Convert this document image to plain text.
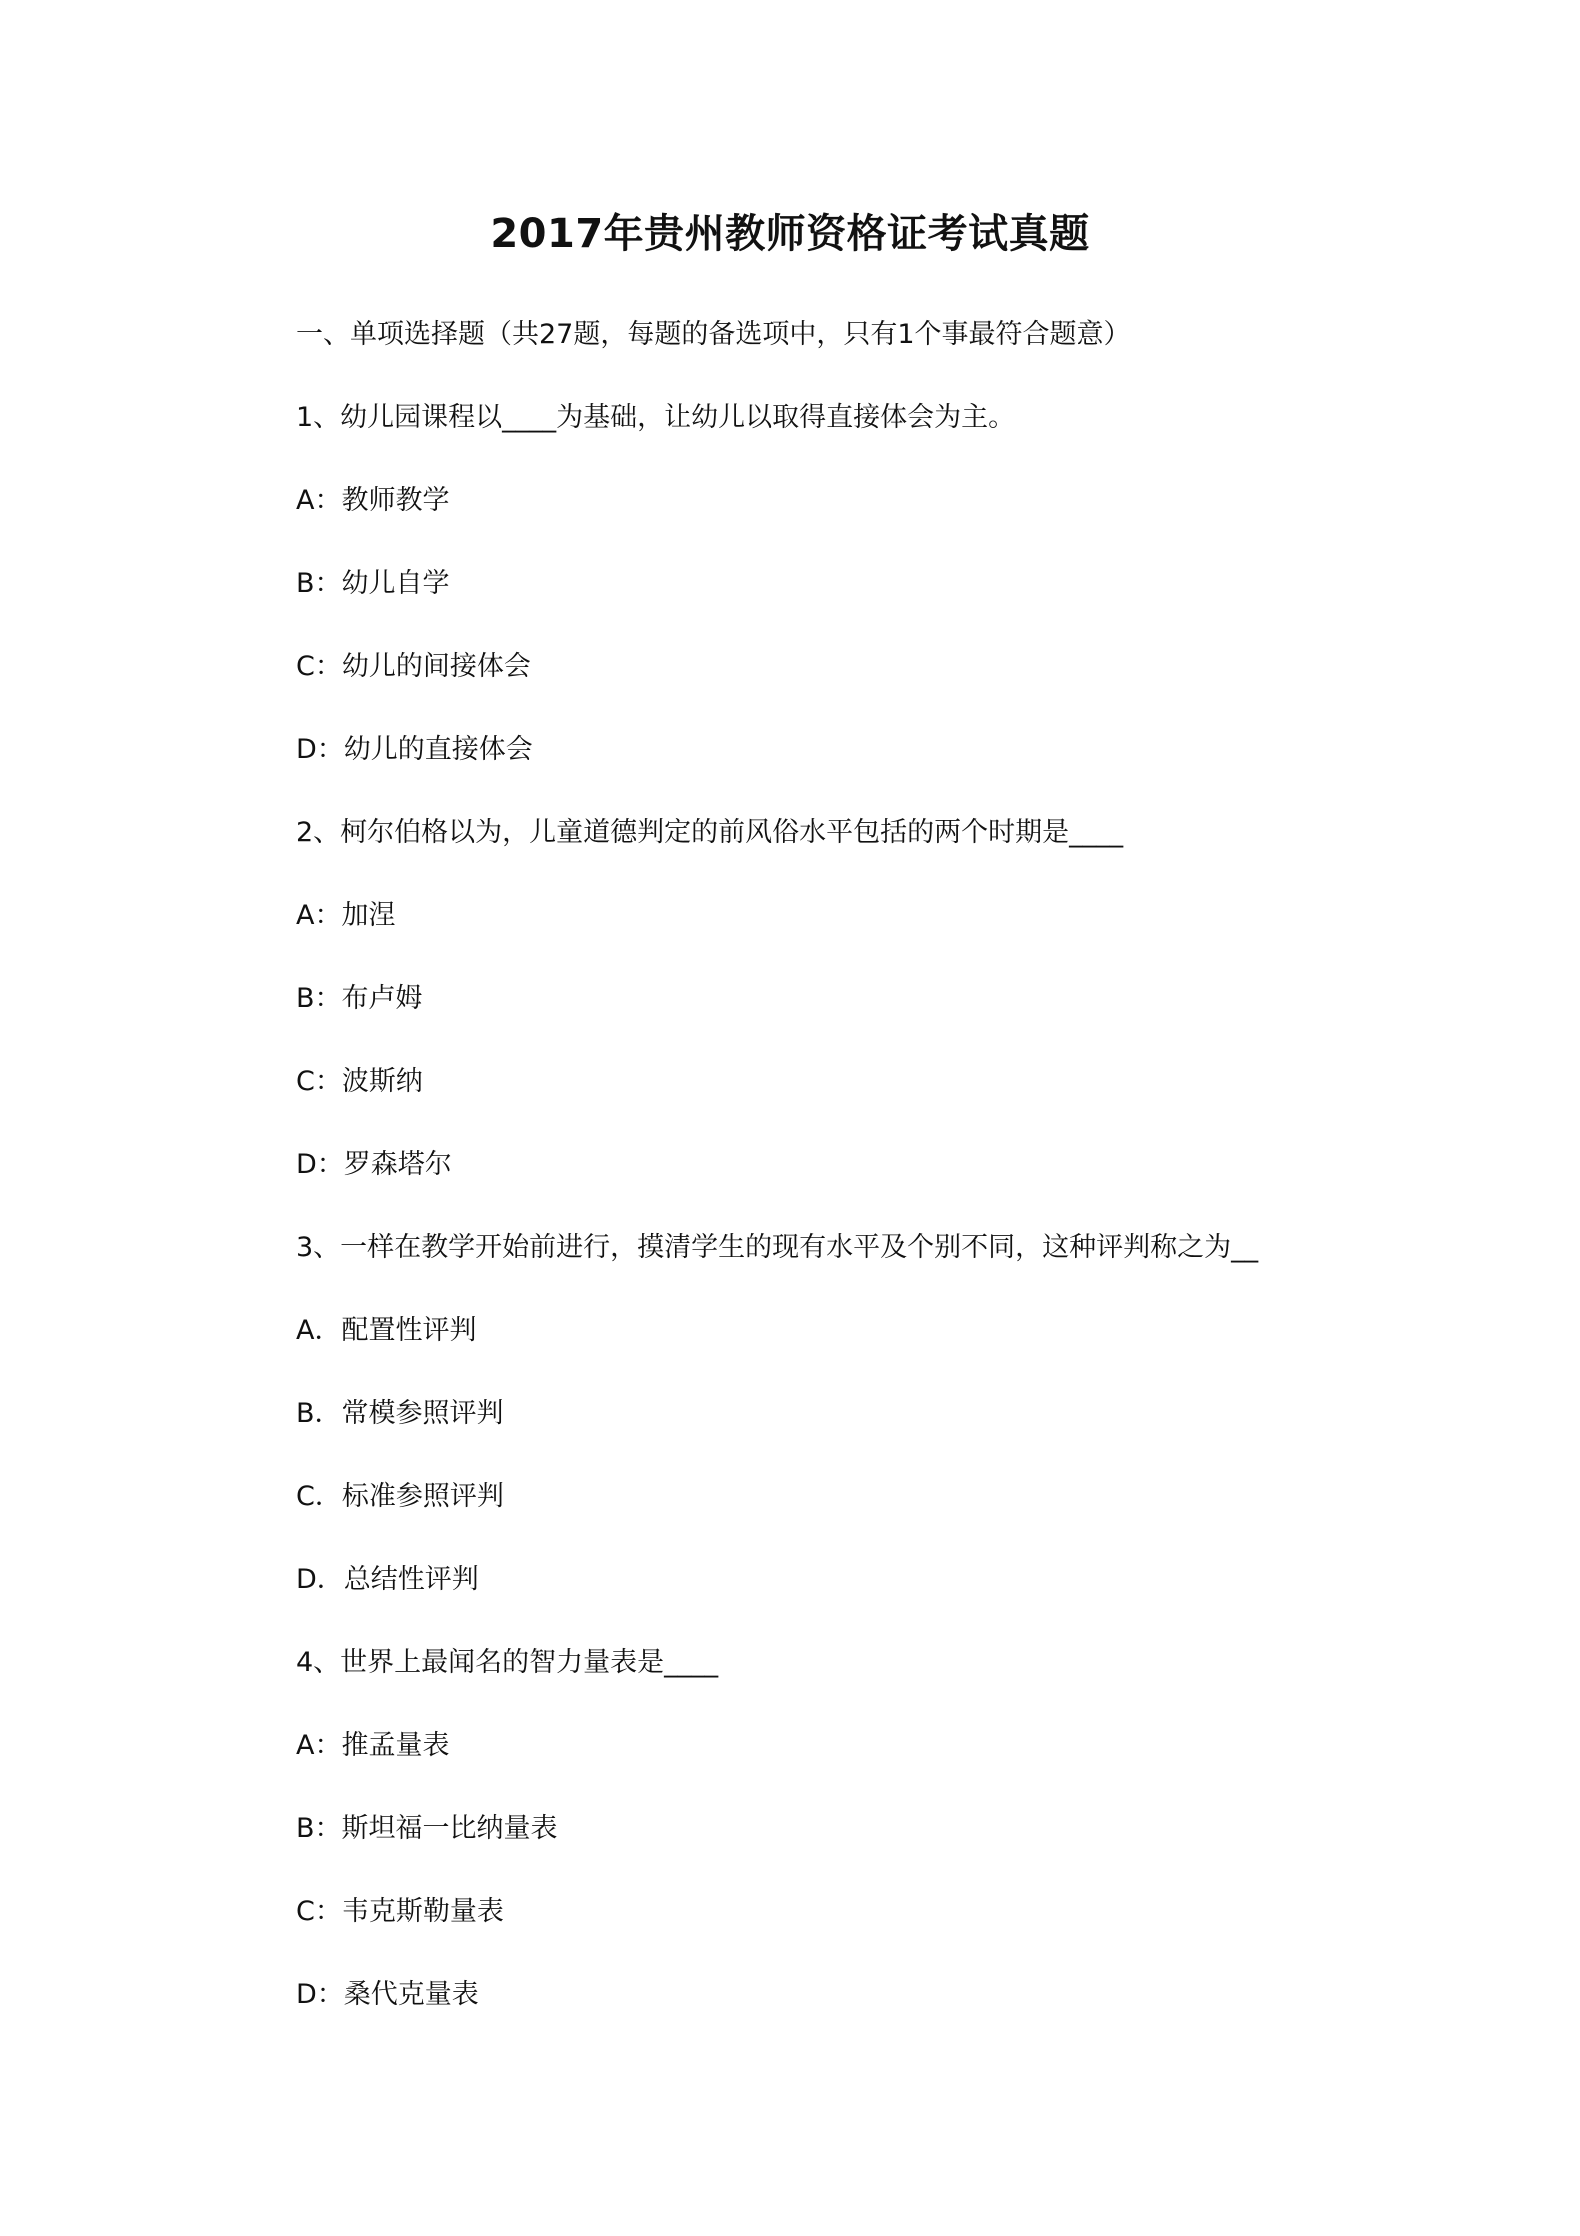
2017年贵州教师资格证考试真题
一、单项选择题（共27题，每题的备选项中，只有1个事最符合题意）
1、幼儿园课程以____为基础，让幼儿以取得直接体会为主。
A：教师教学
B：幼儿自学
C：幼儿的间接体会
D：幼儿的直接体会
2、柯尔伯格以为，儿童道德判定的前风俗水平包括的两个时期是____
A：加涅
B：布卢姆
C：波斯纳
D：罗森塔尔
3、一样在教学开始前进行，摸清学生的现有水平及个别不同，这种评判称之为__
A．配置性评判
B．常模参照评判
C．标准参照评判
D．总结性评判
4、世界上最闻名的智力量表是____
A：推孟量表
B：斯坦福一比纳量表
C：韦克斯勒量表
D：桑代克量表
